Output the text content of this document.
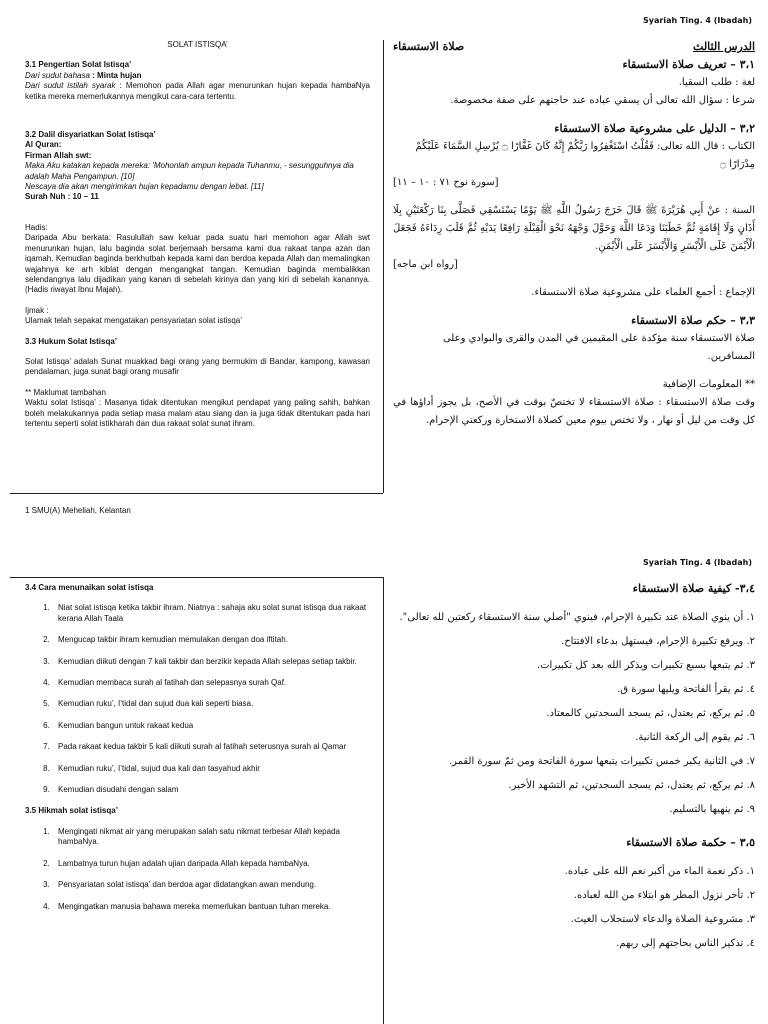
Syariah Ting. 4 (Ibadah)

SOLAT ISTISQA’

3.1 Pengertian Solat Istisqa’

Dari sudut bahasa : Minta hujan

Dari sudut istilah syarak : Memohon pada Allah agar menurunkan hujan kepada hambaNya ketika mereka memerlukannya mengikut cara-cara tertentu.

3.2 Dalil disyariatkan Solat Istisqa’

Al Quran:

Firman Allah swt:

Maka Aku katakan kepada mereka: 'Mohonlah ampun kepada Tuhanmu, - sesungguhnya dia adalah Maha Pengampun. [10]

Nescaya dia akan mengirimkan hujan kepadamu dengan lebat. [11]

Surah Nuh : 10 – 11

Hadis:

Daripada Abu berkata: Rasulullah saw keluar pada suatu hari memohon agar Allah swt menurunkan hujan, lalu baginda solat berjemaah bersama kami dua rakaat tanpa azan dan iqamah. Kemudian baginda berkhutbah kepada kami dan berdoa kepada Allah dan memalingkan wajahnya ke arh kiblat dengan mengangkat tangan. Kemudian baginda membalikkan selendangnya lalu dijadikan yang kanan di sebelah kirinya dan yang kiri di sebelah kanannya. (Hadis riwayat Ibnu Majah).

Ijmak :

Ulamak telah sepakat mengatakan pensyariatan solat istisqa’

3.3 Hukum Solat Istisqa’

Solat Istisqa’ adalah Sunat muakkad bagi orang yang bermukim di Bandar, kampong, kawasan pendalaman, juga sunat bagi orang musafir

** Maklumat tambahan

Waktu solat Istisqa’ : Masanya tidak ditentukan mengikut pendapat yang paling sahih, bahkan boleh melakukannya pada setiap masa malam atau siang dan ia juga tidak ditentukan pada hari tertentu seperti solat istikharah dan dua rakaat solat sunat ihram.

1 SMU(A) Meheliah, Kelantan
الدرس الثالث
صلاة الاستسقاء

٣،١ – تعريف صلاة الاستسقاء

لغة : طلب السقيا.

شرعا : سؤال الله تعالى أن يسقي عباده عند حاجتهم على صفة مخصوصة.

٣،٢ – الدليل على مشروعية صلاة الاستسقاء

الكتاب : قال الله تعالى: فَقُلْتُ اسْتَغْفِرُوا رَبَّكُمْ إِنَّهُ كَانَ غَفَّارًا ۝ يُرْسِلِ السَّمَاءَ عَلَيْكُمْ مِدْرَارًا ۝

[سورة نوح ٧١ : ١٠ – ١١]

السنة : عنْ أَبِي هُرَيْرَةَ ﷺ قَالَ خَرَجَ رَسُولُ اللَّهِ ﷺ يَوْمًا يَسْتَسْقِي فَصَلَّى بِنَا رَكْعَتَيْنِ بِلَا أَذَانٍ وَلَا إِقَامَةٍ ثُمَّ خَطَبَنَا وَدَعَا اللَّهَ وَحَوَّلَ وَجْهَهُ نَحْوَ الْقِبْلَةِ رَافِعًا يَدَيْهِ ثُمَّ قَلَبَ رِدَاءَهُ فَجَعَلَ الْأَيْمَنَ عَلَى الْأَيْسَرِ وَالْأَيْسَرَ عَلَى الْأَيْمَنِ.

[رواه ابن ماجه]

الإجماع : أجمع العلماء على مشروعية صلاة الاستسقاء.

٣،٣ – حكم صلاة الاستسقاء

صلاة الاستسقاء سنة مؤكدة على المقيمين في المدن والقرى والبوادي وعلى المسافرين.

** المعلومات الإضافية

وقت صلاة الاستسقاء : صلاة الاستسقاء لا تختصّ بوقت في الأصح، بل يجوز أداؤها في كل وقت من ليل أو نهار ، ولا تختص بيوم معين كصلاة الاستخارة وركعتي الإحرام.

Syariah Ting. 4 (Ibadah)

3.4 Cara menunaikan solat istisqa

1. Niat solat istisqa ketika takbir ihram. Niatnya : sahaja aku solat sunat istisqa dua rakaat kerana Allah Taala
2. Mengucap takbir ihram kemudian memulakan dengan doa iftitah.
3. Kemudian diikuti dengan 7 kali takbir dan berzikir kepada Allah selepas setiap takbir.
4. Kemudian membaca surah al fatihah dan selepasnya surah Qaf.
5. Kemudian ruku’, I’tidal dan sujud dua kali seperti biasa.
6. Kemudian bangun untuk rakaat kedua
7. Pada rakaat kedua takbir 5 kali diikuti surah al fatihah seterusnya surah al Qamar
8. Kemudian ruku’, I’tidal, sujud dua kali dan tasyahud akhir
9. Kemudian disudahi dengan salam

3.5 Hikmah solat istisqa’

1. Mengingati nikmat air yang merupakan salah satu nikmat terbesar Allah kepada hambaNya.
2. Lambatnya turun hujan adalah ujian daripada Allah kepada hambaNya.
3. Pensyariatan solat istisqa’ dan berdoa agar didatangkan awan mendung.
4. Mengingatkan manusia bahawa mereka memerlukan bantuan tuhan mereka.

٣،٤- كيفية صلاة الاستسقاء

١. أن ينوي الصلاة عند تكبيرة الإحرام، فينوي "أصلي سنة الاستسقاء ركعتين لله تعالى".
٢. ويرفع تكبيرة الإحرام، فيستهل بدعاء الافتتاح.
٣. ثم يتبعها بسبع تكبيرات ويذكر الله بعد كل تكبيرات.
٤. ثم يقرأ الفاتحة ويليها سورة ق.
٥. ثم يركع، ثم يعتدل، ثم يسجد السجدتين كالمعتاد.
٦. ثم يقوم إلى الركعة الثانية.
٧. في الثانية يكبر خمس تكبيرات يتبعها سورة الفاتحة ومن ثمّ سورة القمر.
٨. ثم يركع، ثم يعتدل، ثم يسجد السجدتين، ثم التشهد الأخير.
٩. ثم ينهيها بالتسليم.

٣،٥ – حكمة صلاة الاستسقاء

١. ذكر نعمة الماء من أكبر نعم الله على عباده.
٢. تأخر نزول المطر هو ابتلاء من الله لعباده.
٣. مشروعية الصلاة والدعاء لاستجلاب الغيث.
٤. تذكير الناس بحاجتهم إلى ربهم.
